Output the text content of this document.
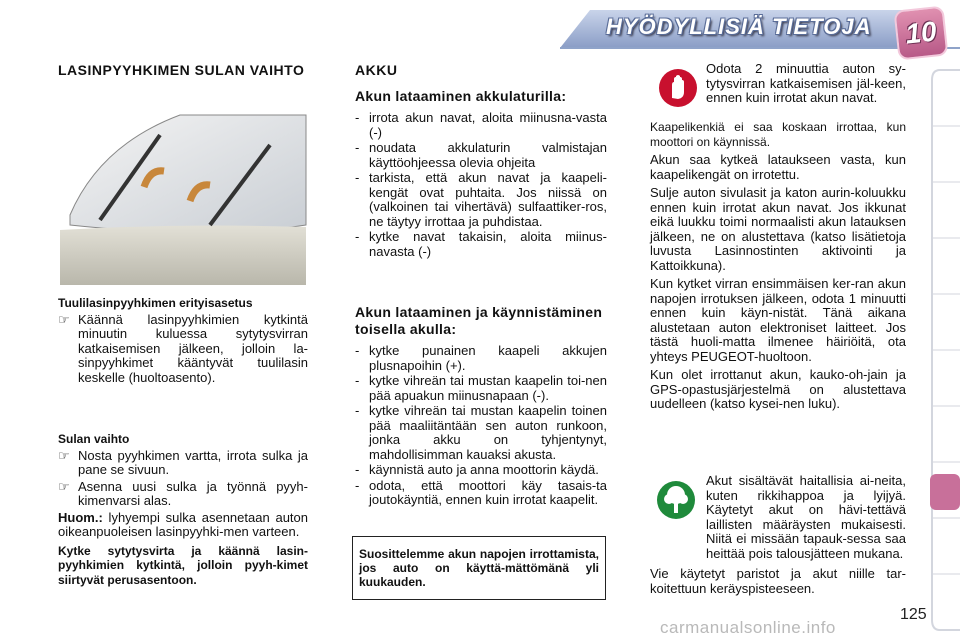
HYÖDYLLISIÄ TIETOJA 10
LASINPYYHKIMEN SULAN VAIHTO
Tuulilasinpyyhkimen erityisasetus
☞ Käännä lasinpyyhkimien kytkintä minuutin kuluessa sytytysvirran katkaisemisen jälkeen, jolloin la-sinpyyhkimet kääntyvät tuulilasin keskelle (huoltoasento).
Sulan vaihto
☞ Nosta pyyhkimen vartta, irrota sulka ja pane se sivuun.
☞ Asenna uusi sulka ja työnnä pyyh-kimenvarsi alas.

Huom.: lyhyempi sulka asennetaan auton oikeanpuoleisen lasinpyyhki-men varteen.

Kytke sytytysvirta ja käännä lasin-pyyhkimien kytkintä, jolloin pyyh-kimet siirtyvät perusasentoon.

AKKU
Akun lataaminen akkulaturilla:
- irrota akun navat, aloita miinusna-vasta (-)
- noudata akkulaturin valmistajan käyttöohjeessa olevia ohjeita
- tarkista, että akun navat ja kaapeli-kengät ovat puhtaita. Jos niissä on (valkoinen tai vihertävä) sulfaattiker-ros, ne täytyy irrottaa ja puhdistaa.
- kytke navat takaisin, aloita miinus-navasta (-)
Akun lataaminen ja käynnistäminen toisella akulla:
- kytke punainen kaapeli akkujen plusnapoihin (+).
- kytke vihreän tai mustan kaapelin toi-nen pää apuakun miinusnapaan (-).
- kytke vihreän tai mustan kaapelin toinen pää maaliitäntään sen auton runkoon, jonka akku on tyhjentynyt, mahdollisimman kauaksi akusta.
- käynnistä auto ja anna moottorin käydä.
- odota, että moottori käy tasais-ta joutokäyntiä, ennen kuin irrotat kaapelit.
Suosittelemme akun napojen irrottamista, jos auto on käyttä-mättömänä yli kuukauden.

Odota 2 minuuttia auton sy-tytysvirran katkaisemisen jäl-keen, ennen kuin irrotat akun navat.

Kaapelikenkiä ei saa koskaan irrottaa, kun moottori on käynnissä.

Akun saa kytkeä lataukseen vasta, kun kaapelikengät on irrotettu.

Sulje auton sivulasit ja katon aurin-koluukku ennen kuin irrotat akun navat. Jos ikkunat eikä luukku toimi normaalisti akun latauksen jälkeen, ne on alustettava (katso lisätietoja luvusta Lasinnostinten aktivointi ja Kattoikkuna).

Kun kytket virran ensimmäisen ker-ran akun napojen irrotuksen jälkeen, odota 1 minuutti ennen kuin käyn-nistät. Tänä aikana alustetaan auton elektroniset laitteet. Jos tästä huoli-matta ilmenee häiriöitä, ota yhteys PEUGEOT-huoltoon.

Kun olet irrottanut akun, kauko-oh-jain ja GPS-opastusjärjestelmä on alustettava uudelleen (katso kysei-nen luku).

Akut sisältävät haitallisia ai-neita, kuten rikkihappoa ja lyijyä. Käytetyt akut on hävi-tettävä laillisten määräysten mukaisesti. Niitä ei missään tapauk-sessa saa heittää pois talousjätteen mukana.

Vie käytetyt paristot ja akut niille tar-koitettuun keräyspisteeseen.

125
carmanualsonline.info
